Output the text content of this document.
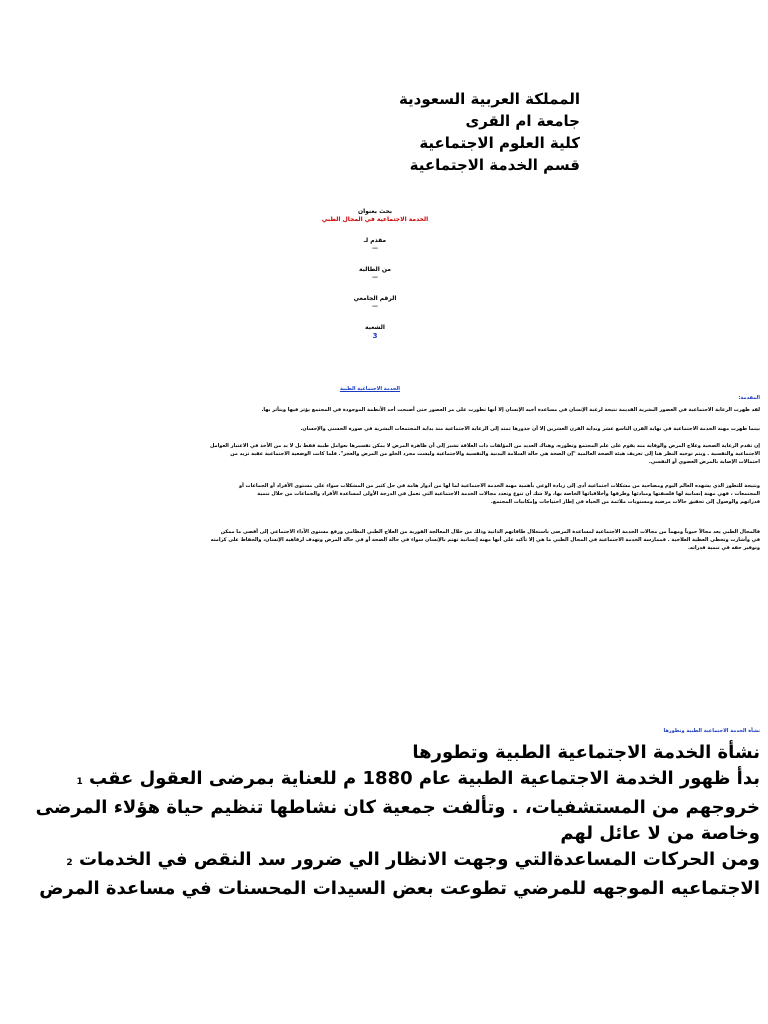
المملكة العربية السعودية
جامعة ام القرى
كلية العلوم الاجتماعية
قسم الخدمة الاجتماعية
بحث بعنوان
الخدمة الاجتماعية في المجال الطبي
مقدم لـ
—
من الطالبة
—
الرقم الجامعي
—
الشعبة
3
الخدمة الاجتماعية الطبية
المقدمة:
لقد ظهرت الرعاية الاجتماعية في العصور البشرية القديمة نتيجة لرغبة الإنسان في مساعدة أخيه الإنسان إلا أنها تطورت على مر العصور حتى أصبحت أحد الأنظمة الموجودة في المجتمع يؤثر فيها ويتأثر بها.
بينما ظهرت مهنة الخدمة الاجتماعية في نهاية القرن التاسع عشر وبداية القرن العشرين إلا أن جذورها تمتد إلى الرعاية الاجتماعية منذ بداية المجتمعات البشرية في صورة الحسنى والإحسان.
إن تقدم الرعاية الصحية وعلاج المرض والوقاية منه يقوم على علم المجتمع وتطوره، وهناك العديد من المؤلفات ذات العلاقة تشير إلى أن ظاهرة المرض لا يمكن تفسيرها بعوامل طبية فقط بل لا بد من الأخذ في الاعتبار العوامل
الاجتماعية والنفسية . ويتم توجيه النظر هنا إلى تعريف هيئة الصحة العالمية "إن الصحة هي حالة السلامة البدنية والنفسية والاجتماعية وليست مجرد الخلو من المرض والعجز". فلما كانت الوضعية الاجتماعية عقبة تزيد من
احتمالات الإصابة بالمرض العضوي أو النفسي.
ونتيجة للتطور الذي يشهده العالم اليوم ومصاحبة من مشكلات اجتماعية أدى إلى زيادة الوعي بأهمية مهنة الخدمة الاجتماعية لما لها من أدوار هامة في حل كثير من المشكلات سواء على مستوى الأفراد أو الجماعات أو
المجتمعات ، فهي مهنة إنسانية لها فلسفتها ومبادئها وطرقها وأخلاقياتها الخاصة بها، ولا شك أن تنوع وتعدد مجالات الخدمة الاجتماعية التي تعمل في الدرجة الأولى لمساعدة الأفراد والجماعات من خلال تنمية
قدراتهم والوصول إلى تحقيق حالات مرضية ومستويات ملائمة من الحياة في إطار احتياجات وإمكانيات المجتمع.
فالمجال الطبي يعد مجالاً حيوياً ومهماً من مجالات الخدمة الاجتماعية لمساعدة المرضى باستغلال طاقاتهم الذاتية وذلك من خلال المعالجة الفورية من العلاج الطبي النظامي ورفع مستوى الأداء الاجتماعي إلى أقصى ما ممكن
في وأشارت وتحظى العطية العلاجية . فممارسة الخدمة الاجتماعية في المجال الطبي ما هي إلا تأكيد على أنها مهنة إنسانية تهتم بالإنسان سواء في حالة الصحة أو في حالة المرض وتهدف لرفاهية الإنسان، والحفاظ على كرامته
وتوفير حقه في تنمية قدراته.
نشأة الخدمة الاجتماعية الطبية وتطورها
نشأة الخدمة الاجتماعية الطبية وتطورها
بدأ ظهور الخدمة الاجتماعية الطبية عام 1880 م للعناية بمرضى العقول عقب 1
خروجهم من المستشفيات، . وتألفت جمعية كان نشاطها تنظيم حياة هؤلاء المرضى
وخاصة من لا عائل لهم
ومن الحركات المساعدةالتي وجهت الانظار الي ضرور سد النقص في الخدمات 2
الاجتماعيه الموجهه للمرضي تطوعت بعض السيدات المحسنات في مساعدة المرض
